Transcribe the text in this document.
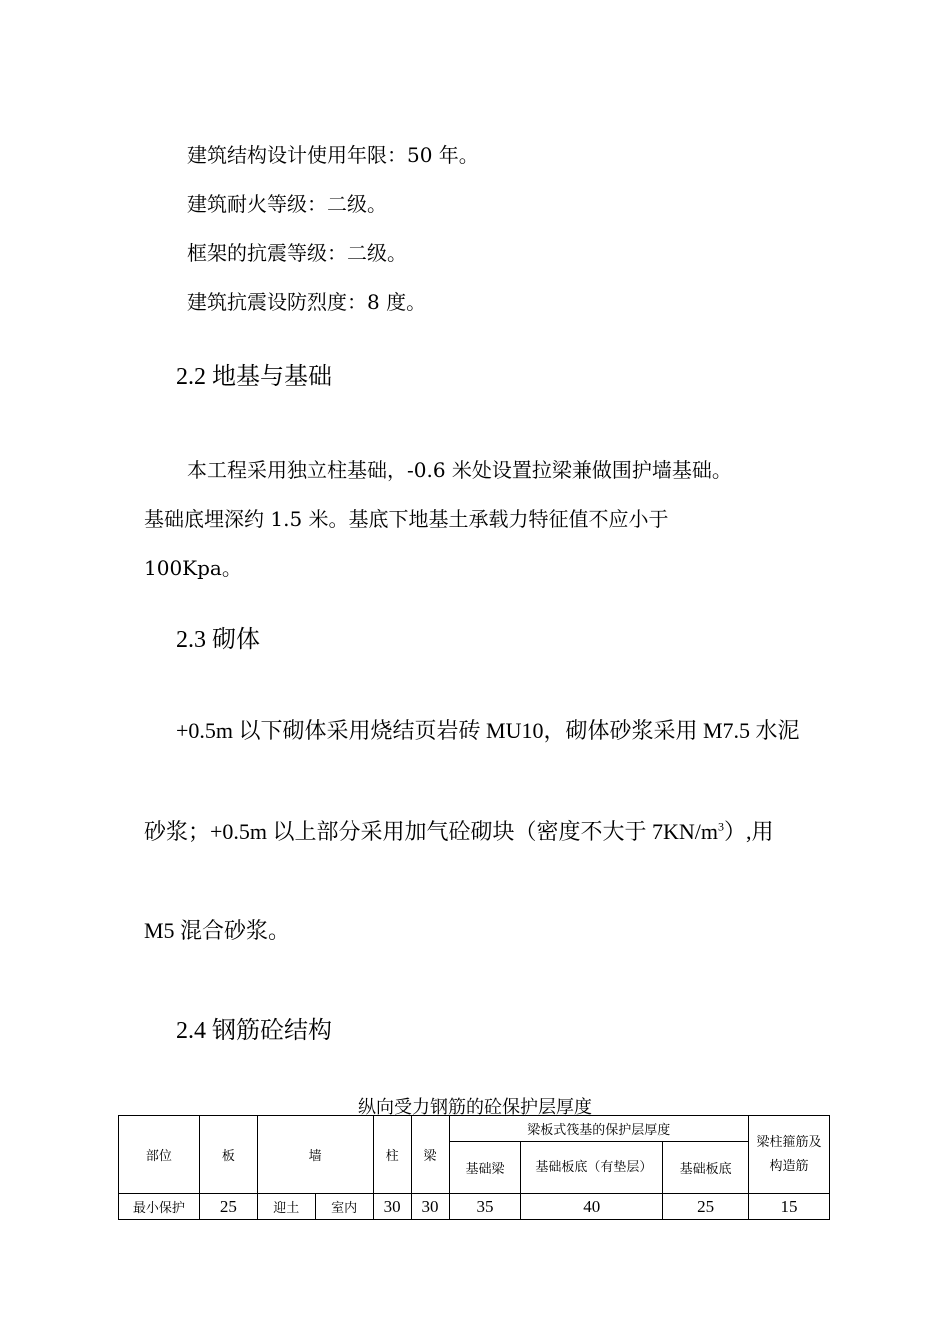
建筑结构设计使用年限：50 年。
建筑耐火等级：二级。
框架的抗震等级：二级。
建筑抗震设防烈度：8 度。
2.2 地基与基础
本工程采用独立柱基础，-0.6 米处设置拉梁兼做围护墙基础。
基础底埋深约 1.5 米。基底下地基土承载力特征值不应小于
100Kpa。
2.3 砌体
+0.5m 以下砌体采用烧结页岩砖 MU10，砌体砂浆采用 M7.5 水泥
砂浆；+0.5m 以上部分采用加气砼砌块（密度不大于 $7KN/m^3$）,用
M5 混合砂浆。
2.4 钢筋砼结构
纵向受力钢筋的砼保护层厚度
部位	板	墙		柱	梁	梁板式筏基的保护层厚度			梁柱箍筋及构造筋
						基础梁	基础板底（有垫层）	基础板底	
最小保护	25	迎土	室内	30	30	35	40	25	15
